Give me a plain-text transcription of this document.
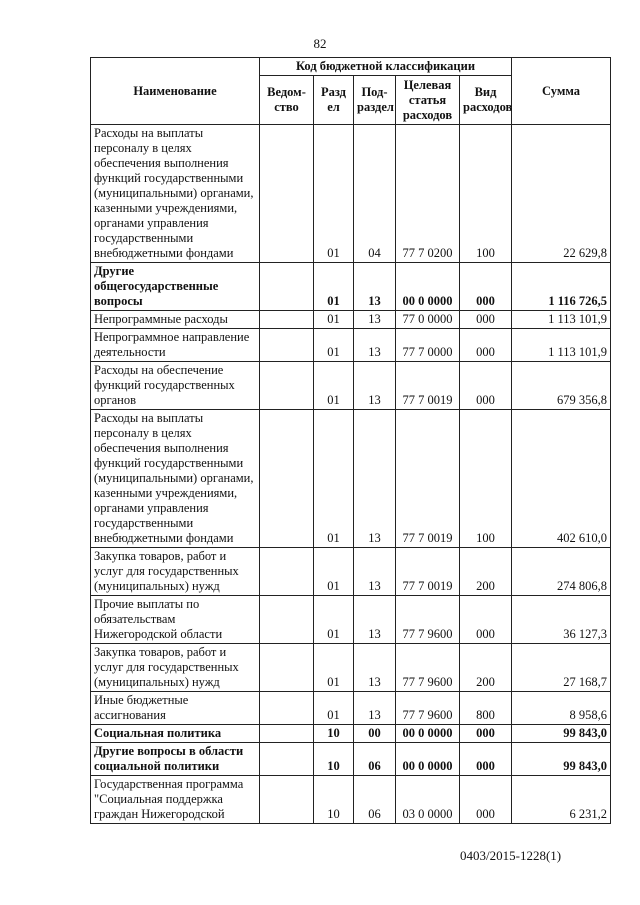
82
Наименование	Код бюджетной классификации					Сумма
	Ведом-ство	Разд ел	Под-раздел	Целевая статья расходов	Вид расходов	
Расходы на выплаты персоналу в целях обеспечения выполнения функций государственными (муниципальными) органами, казенными учреждениями, органами управления государственными внебюджетными фондами		01	04	77 7 0200	100	22 629,8
Другие общегосударственные вопросы		01	13	00 0 0000	000	1 116 726,5
Непрограммные расходы		01	13	77 0 0000	000	1 113 101,9
Непрограммное направление деятельности		01	13	77 7 0000	000	1 113 101,9
Расходы на обеспечение функций государственных органов		01	13	77 7 0019	000	679 356,8
Расходы на выплаты персоналу в целях обеспечения выполнения функций государственными (муниципальными) органами, казенными учреждениями, органами управления государственными внебюджетными фондами		01	13	77 7 0019	100	402 610,0
Закупка товаров, работ и услуг для государственных (муниципальных) нужд		01	13	77 7 0019	200	274 806,8
Прочие выплаты по обязательствам Нижегородской области		01	13	77 7 9600	000	36 127,3
Закупка товаров, работ и услуг для государственных (муниципальных) нужд		01	13	77 7 9600	200	27 168,7
Иные бюджетные ассигнования		01	13	77 7 9600	800	8 958,6
Социальная политика		10	00	00 0 0000	000	99 843,0
Другие вопросы в области социальной политики		10	06	00 0 0000	000	99 843,0
Государственная программа "Социальная поддержка граждан Нижегородской		10	06	03 0 0000	000	6 231,2
0403/2015-1228(1)
